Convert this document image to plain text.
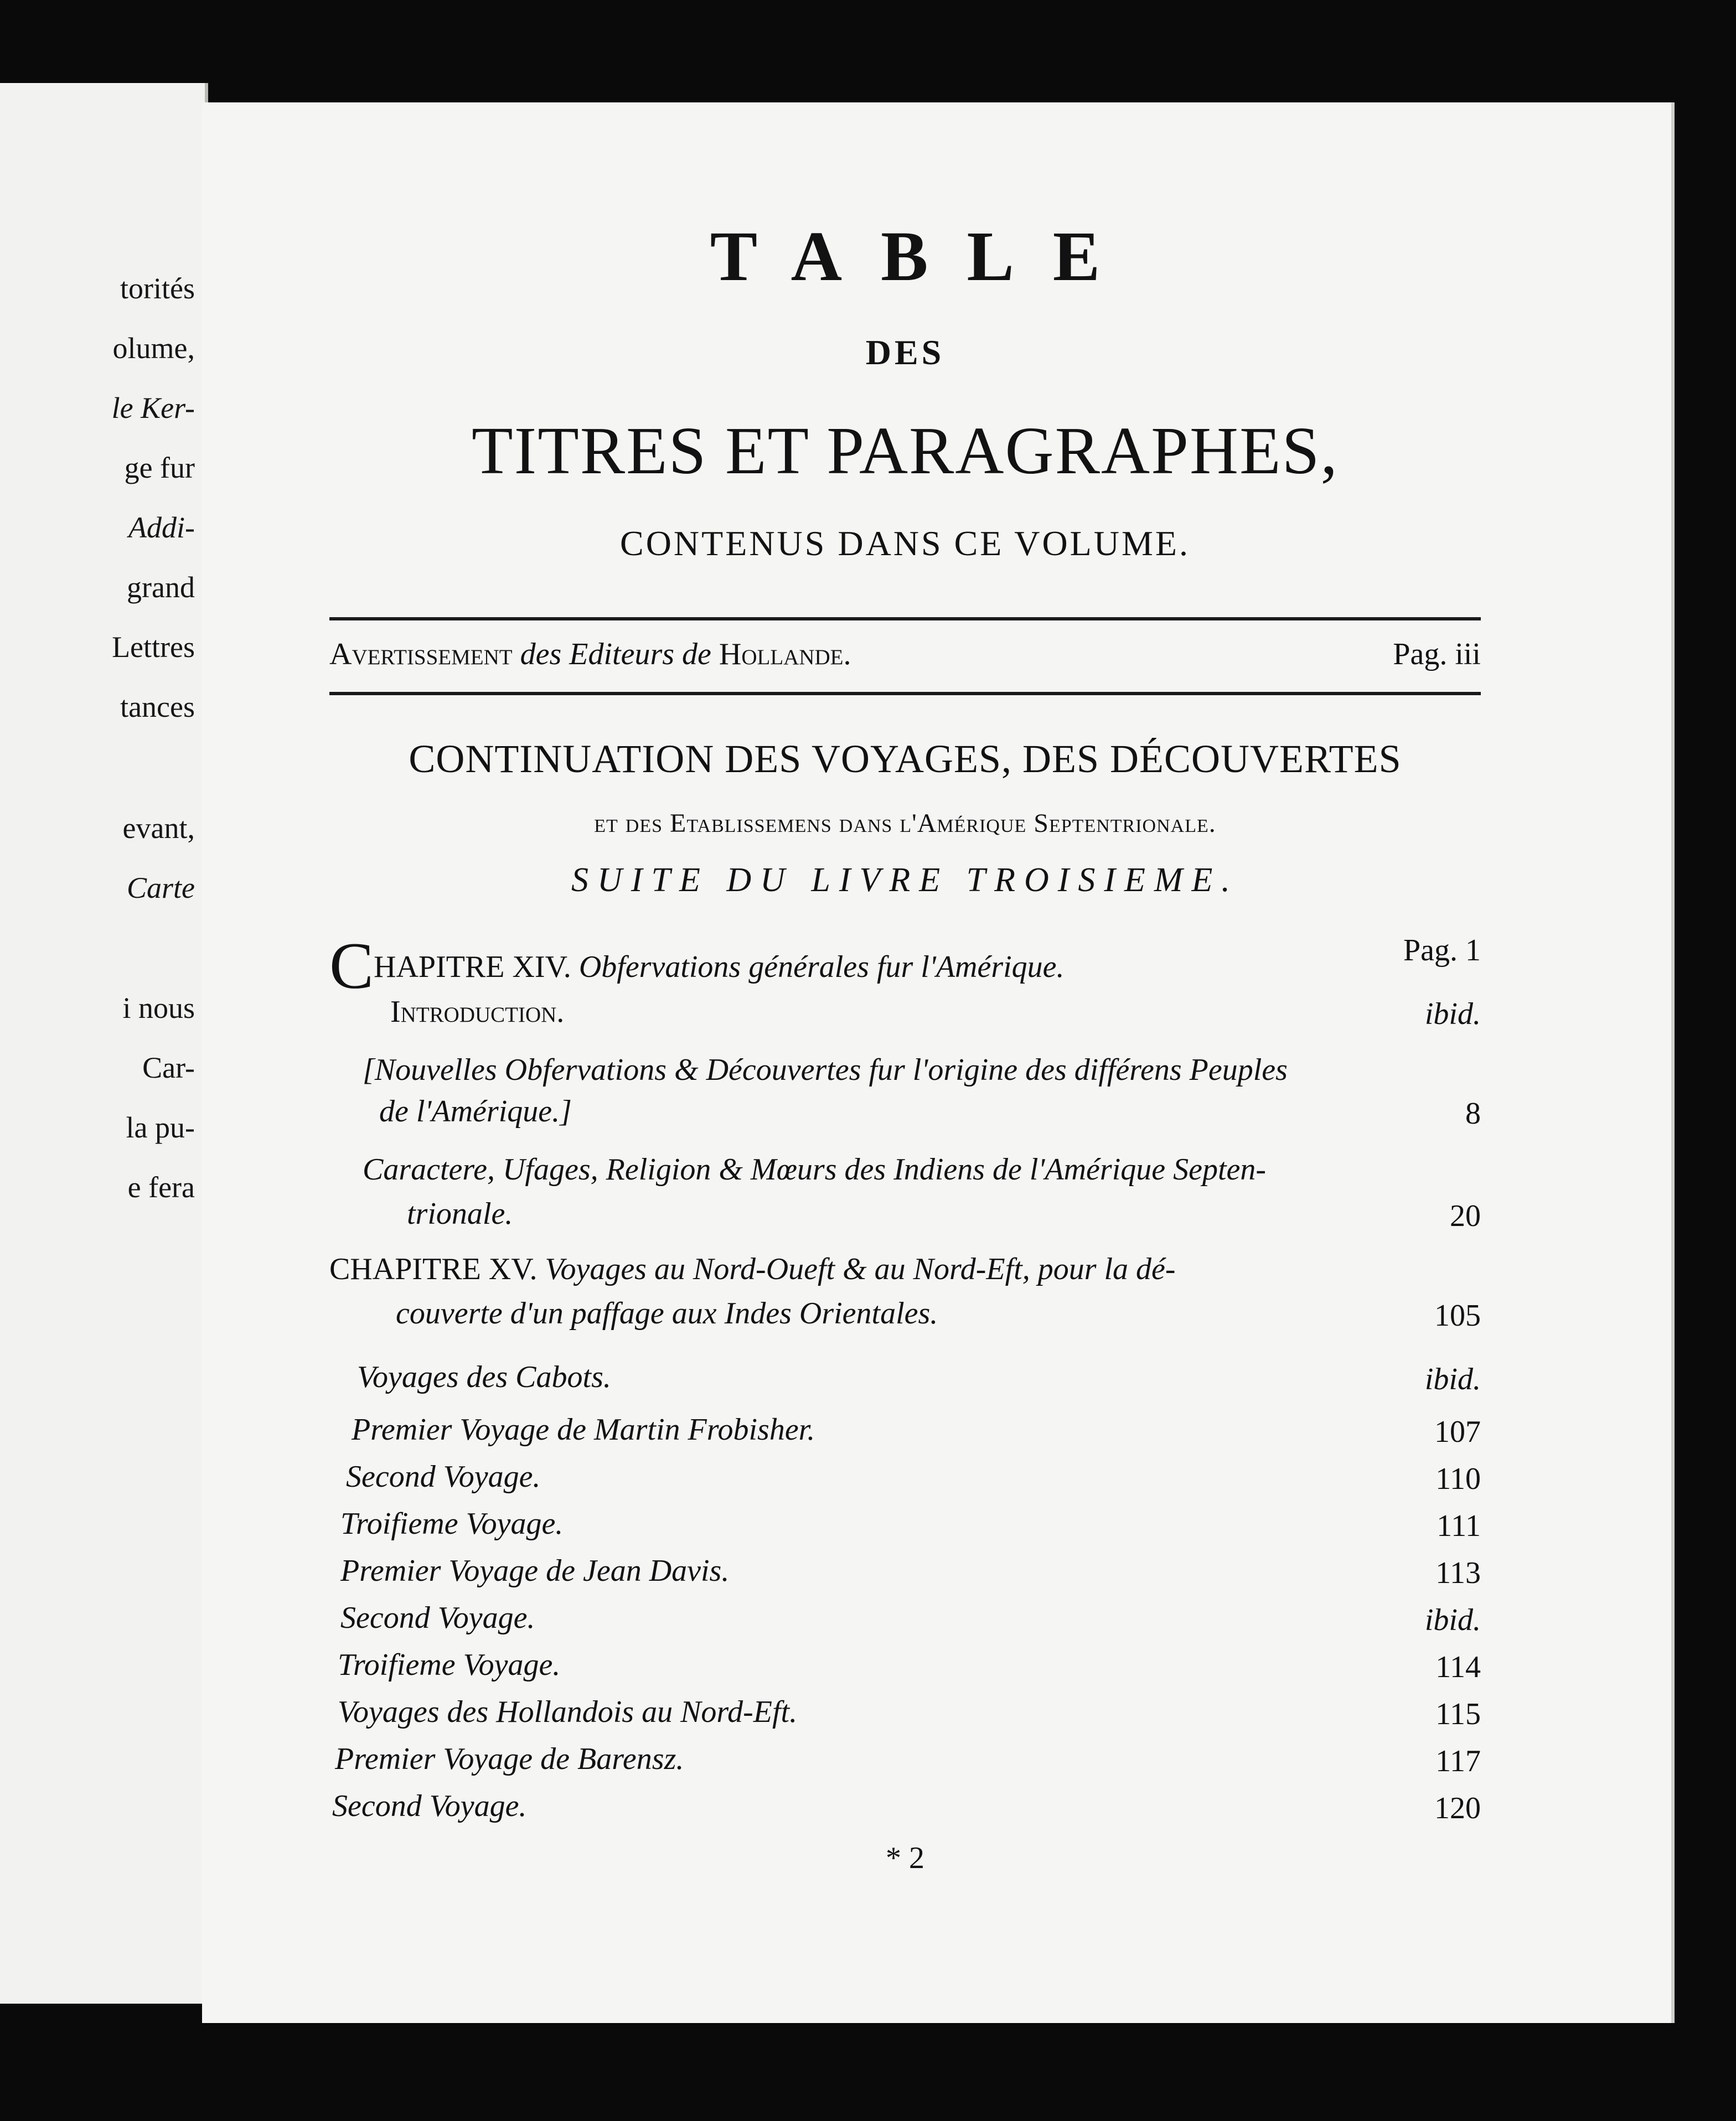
torités
olume,
le Ker-
ge fur
Addi-
grand
Lettres
tances
evant,
Carte
i nous
Car-
la pu-
e fera
TABLE
DES
TITRES ET PARAGRAPHES,
CONTENUS DANS CE VOLUME.
Avertissement des Editeurs de Hollande.	Pag. iii
CONTINUATION DES VOYAGES, DES DÉCOUVERTES
et des Etablissemens dans l'Amérique Septentrionale.
SUITE DU LIVRE TROISIEME.
CHAPITRE XIV. Obfervations générales fur l'Amérique.	Pag. 1
Introduction.	ibid.
[Nouvelles Obfervations & Découvertes fur l'origine des différens Peuples
de l'Amérique.]	8
Caractere, Ufages, Religion & Mœurs des Indiens de l'Amérique Septen-
trionale.	20
CHAPITRE XV. Voyages au Nord-Oueft & au Nord-Eft, pour la dé-
couverte d'un paffage aux Indes Orientales.	105
Voyages des Cabots.	ibid.
Premier Voyage de Martin Frobisher.	107
Second Voyage.	110
Troifieme Voyage.	111
Premier Voyage de Jean Davis.	113
Second Voyage.	ibid.
Troifieme Voyage.	114
Voyages des Hollandois au Nord-Eft.	115
Premier Voyage de Barensz.	117
Second Voyage.	120
* 2
